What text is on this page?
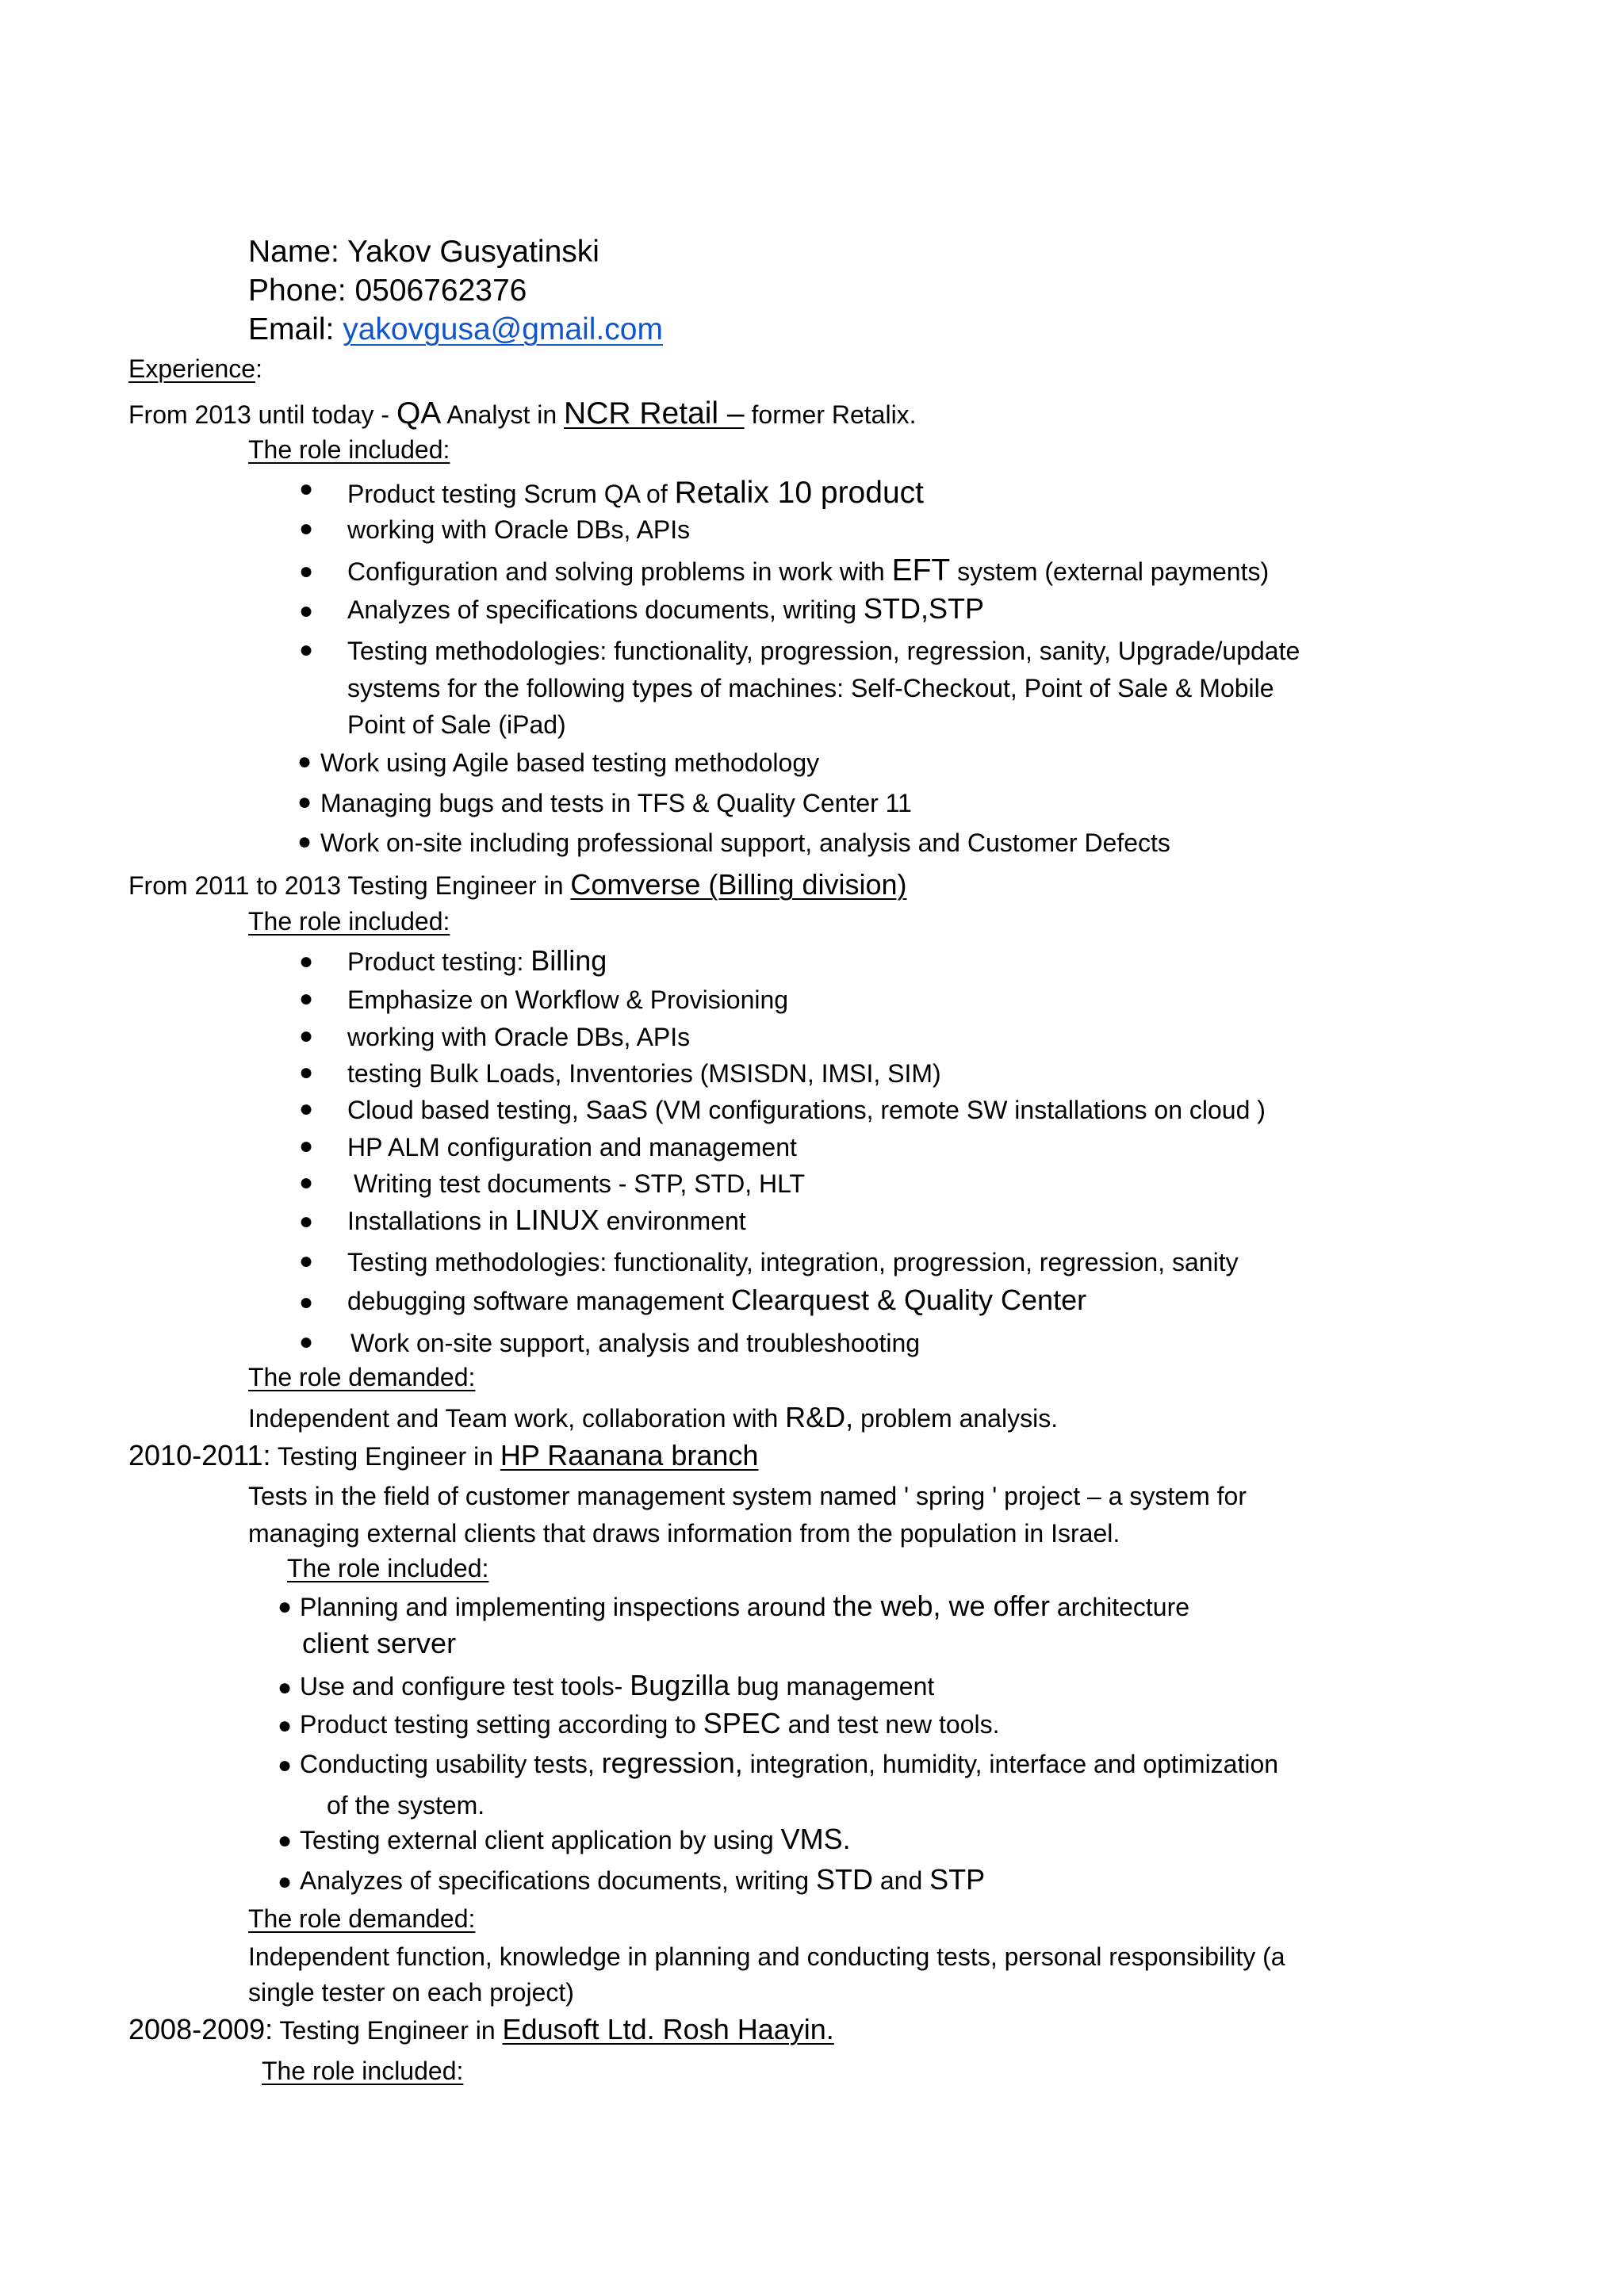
Name: Yakov Gusyatinski
Phone: 0506762376
Email: yakovgusa@gmail.com
Experience:
From 2013 until today - QA Analyst in NCR Retail – former Retalix.
The role included:
● Product testing Scrum QA of Retalix 10 product
● working with Oracle DBs, APIs
● Configuration and solving problems in work with EFT system (external payments)
● Analyzes of specifications documents, writing STD,STP
● Testing methodologies: functionality, progression, regression, sanity, Upgrade/update
systems for the following types of machines: Self-Checkout, Point of Sale & Mobile
Point of Sale (iPad)
● Work using Agile based testing methodology
● Managing bugs and tests in TFS & Quality Center 11
● Work on-site including professional support, analysis and Customer Defects
From 2011 to 2013 Testing Engineer in Comverse (Billing division)
The role included:
● Product testing: Billing
● Emphasize on Workflow & Provisioning
● working with Oracle DBs, APIs
● testing Bulk Loads, Inventories (MSISDN, IMSI, SIM)
● Cloud based testing, SaaS (VM configurations, remote SW installations on cloud )
● HP ALM configuration and management
● Writing test documents - STP, STD, HLT
● Installations in LINUX environment
● Testing methodologies: functionality, integration, progression, regression, sanity
● debugging software management Clearquest & Quality Center
● Work on-site support, analysis and troubleshooting
The role demanded:
Independent and Team work, collaboration with R&D, problem analysis.
2010-2011: Testing Engineer in HP Raanana branch
Tests in the field of customer management system named ' spring ' project – a system for
managing external clients that draws information from the population in Israel.
The role included:
● Planning and implementing inspections around the web, we offer architecture
client server
● Use and configure test tools- Bugzilla bug management
● Product testing setting according to SPEC and test new tools.
● Conducting usability tests, regression, integration, humidity, interface and optimization
of the system.
● Testing external client application by using VMS.
● Analyzes of specifications documents, writing STD and STP
The role demanded:
Independent function, knowledge in planning and conducting tests, personal responsibility (a
single tester on each project)
2008-2009: Testing Engineer in Edusoft Ltd. Rosh Haayin.
The role included:
